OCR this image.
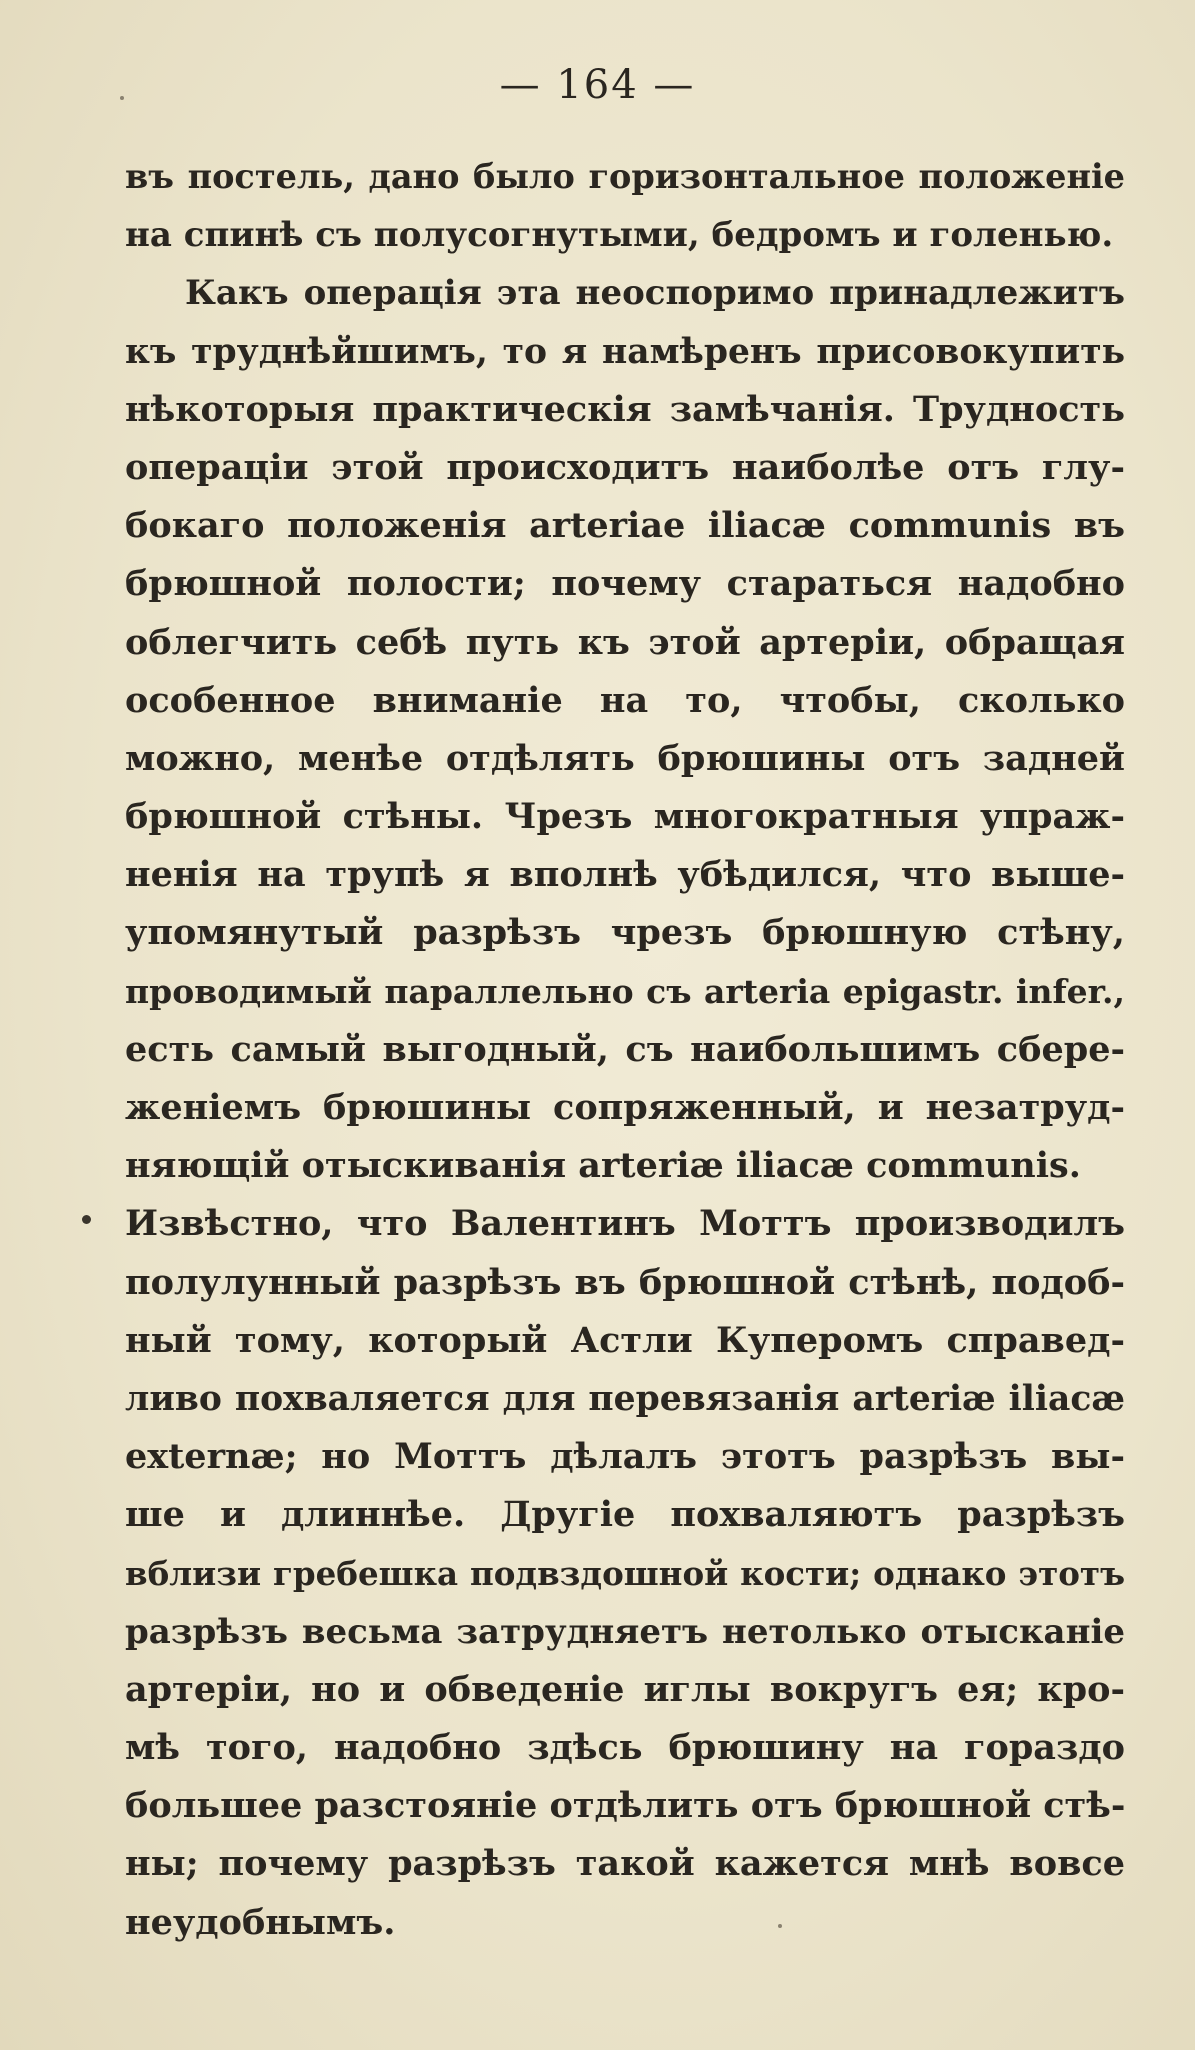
— 164 —
въ постель, дано было горизонтальное положеніе
на спинѣ съ полусогнутыми, бедромъ и голенью.
Какъ операція эта неоспоримо принадлежитъ
къ труднѣйшимъ, то я намѣренъ присовокупить
нѣкоторыя практическія замѣчанія. Трудность
операціи этой происходитъ наиболѣе отъ глу-
бокаго положенія arteriae iliacæ communis въ
брюшной полости; почему стараться надобно
облегчить себѣ путь къ этой артеріи, обращая
особенное вниманіе на то, чтобы, сколько
можно, менѣе отдѣлять брюшины отъ задней
брюшной стѣны. Чрезъ многократныя упраж-
ненія на трупѣ я вполнѣ убѣдился, что выше-
упомянутый разрѣзъ чрезъ брюшную стѣну,
проводимый параллельно съ arteria epigastr. infer.,
есть самый выгодный, съ наибольшимъ сбере-
женіемъ брюшины сопряженный, и незатруд-
няющій отыскиванія arteriæ iliacæ communis.
Извѣстно, что Валентинъ Моттъ производилъ
полулунный разрѣзъ въ брюшной стѣнѣ, подоб-
ный тому, который Астли Куперомъ справед-
ливо похваляется для перевязанія arteriæ iliacæ
externæ; но Моттъ дѣлалъ этотъ разрѣзъ вы-
ше и длиннѣе. Другіе похваляютъ разрѣзъ
вблизи гребешка подвздошной кости; однако этотъ
разрѣзъ весьма затрудняетъ нетолько отысканіе
артеріи, но и обведеніе иглы вокругъ ея; кро-
мѣ того, надобно здѣсь брюшину на гораздо
большее разстояніе отдѣлить отъ брюшной стѣ-
ны; почему разрѣзъ такой кажется мнѣ вовсе
неудобнымъ.
